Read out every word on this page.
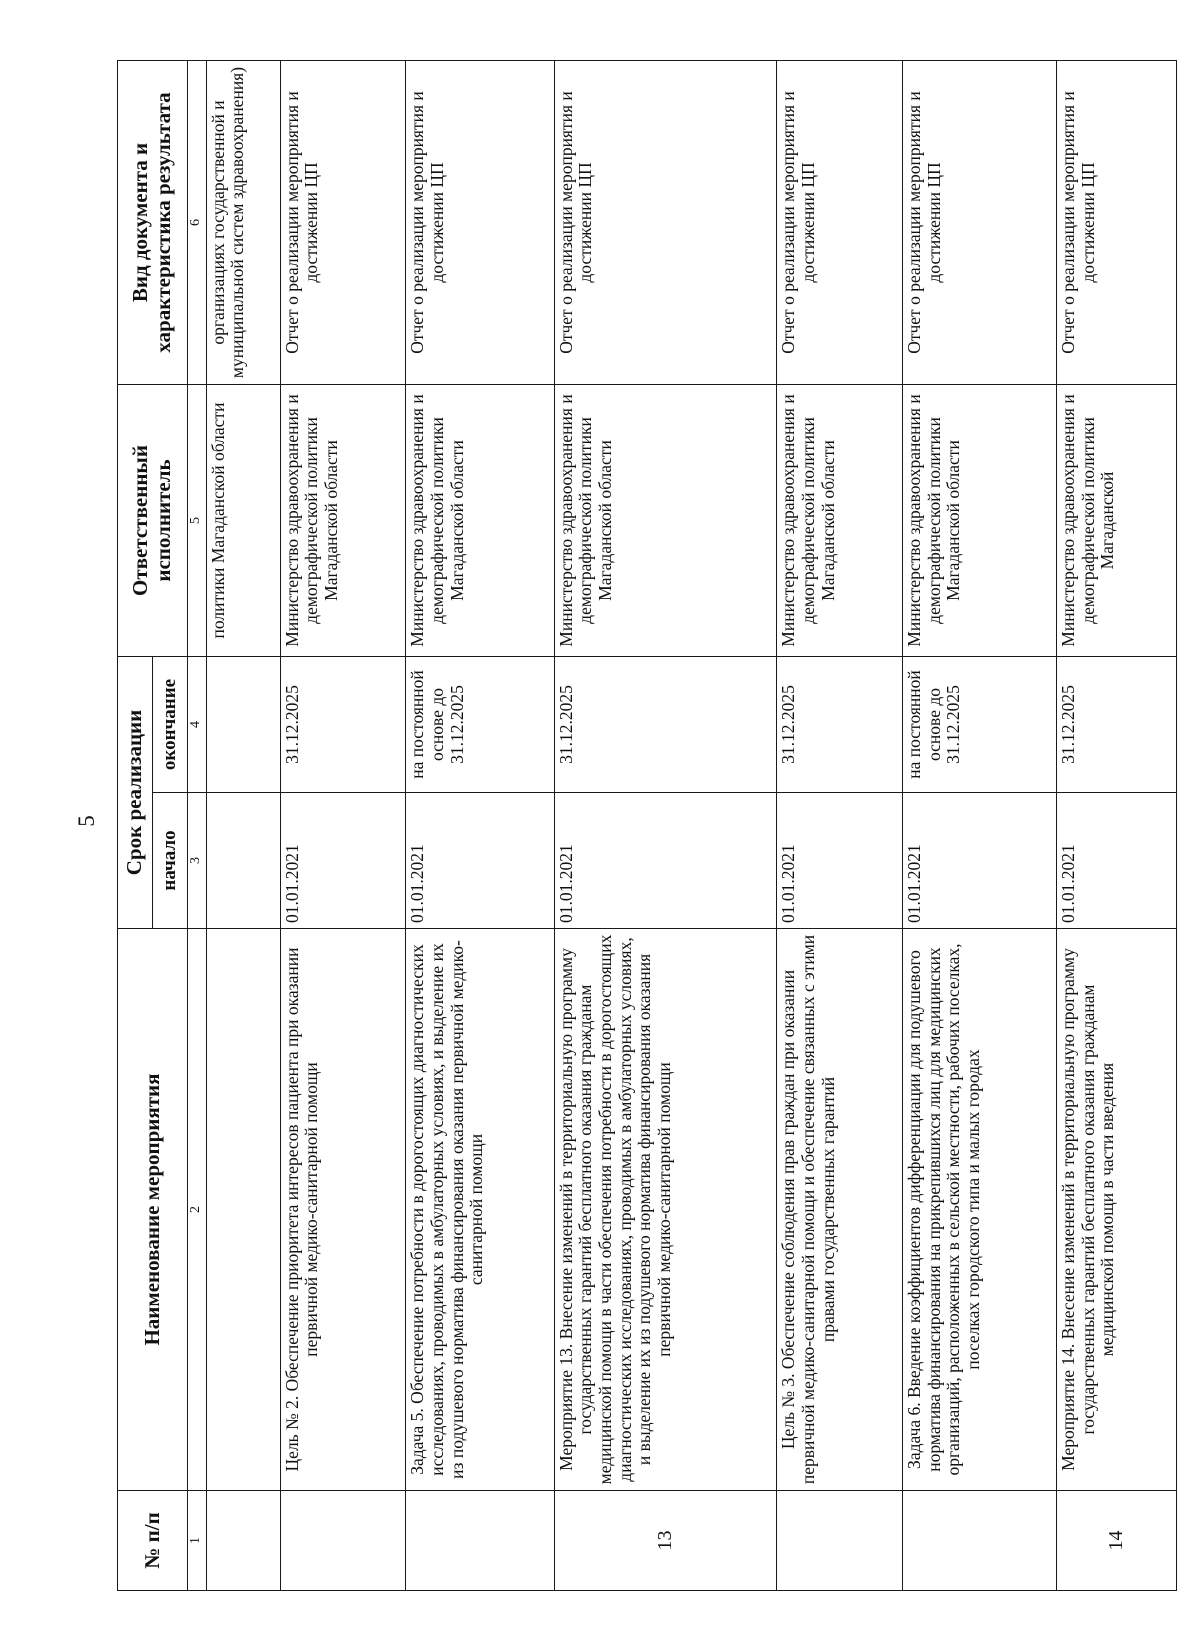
5
№ п/п	Наименование мероприятия	Срок реализации		Ответственный исполнитель	Вид документа и характеристика результата
		начало	окончание		
1	2	3	4	5	6
				политики Магаданской области	организациях государственной и муниципальной систем здравоохранения)
	Цель № 2. Обеспечение приоритета интересов пациента при оказании первичной медико-санитарной помощи	01.01.2021	31.12.2025	Министерство здравоохранения и демографической политики Магаданской области	Отчет о реализации мероприятия и достижении ЦП
	Задача 5. Обеспечение потребности в дорогостоящих диагностических исследованиях, проводимых в амбулаторных условиях, и выделение их из подушевого норматива финансирования оказания первичной медико-санитарной помощи	01.01.2021	на постоянной основе до 31.12.2025	Министерство здравоохранения и демографической политики Магаданской области	Отчет о реализации мероприятия и достижении ЦП
13	Мероприятие 13. Внесение изменений в территориальную программу государственных гарантий бесплатного оказания гражданам медицинской помощи в части обеспечения потребности в дорогостоящих диагностических исследованиях, проводимых в амбулаторных условиях, и выделение их из подушевого норматива финансирования оказания первичной медико-санитарной помощи	01.01.2021	31.12.2025	Министерство здравоохранения и демографической политики Магаданской области	Отчет о реализации мероприятия и достижении ЦП
	Цель № 3. Обеспечение соблюдения прав граждан при оказании первичной медико-санитарной помощи и обеспечение связанных с этими правами государственных гарантий	01.01.2021	31.12.2025	Министерство здравоохранения и демографической политики Магаданской области	Отчет о реализации мероприятия и достижении ЦП
	Задача 6. Введение коэффициентов дифференциации для подушевого норматива финансирования на прикрепившихся лиц для медицинских организаций, расположенных в сельской местности, рабочих поселках, поселках городского типа и малых городах	01.01.2021	на постоянной основе до 31.12.2025	Министерство здравоохранения и демографической политики Магаданской области	Отчет о реализации мероприятия и достижении ЦП
14	Мероприятие 14. Внесение изменений в территориальную программу государственных гарантий бесплатного оказания гражданам медицинской помощи в части введения	01.01.2021	31.12.2025	Министерство здравоохранения и демографической политики Магаданской	Отчет о реализации мероприятия и достижении ЦП
